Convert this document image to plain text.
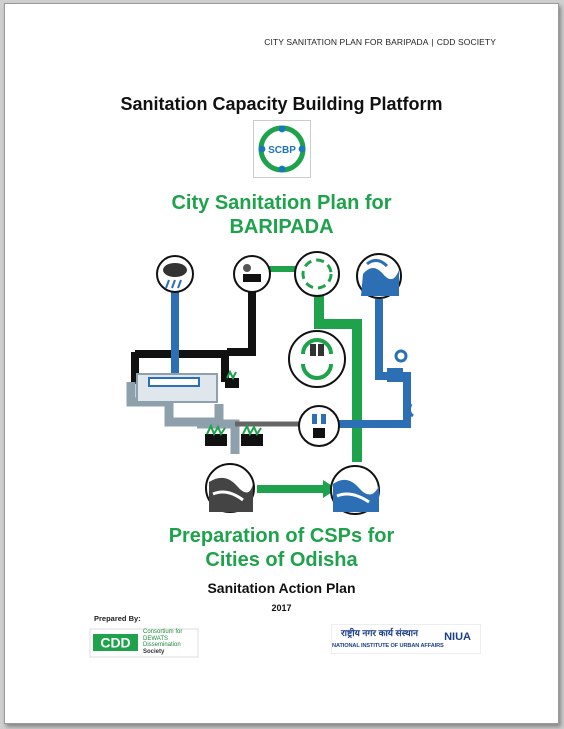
CITY SANITATION PLAN FOR BARIPADA | CDD SOCIETY
Sanitation Capacity Building Platform
SCBP
City Sanitation Plan for
BARIPADA
Preparation of CSPs for
Cities of Odisha
Sanitation Action Plan
2017
Prepared By:
CDD
Consortium for
DEWATS
Dissemination
Society
NIUA
राष्ट्रीय नगर कार्य संस्थान
NATIONAL INSTITUTE OF URBAN AFFAIRS
